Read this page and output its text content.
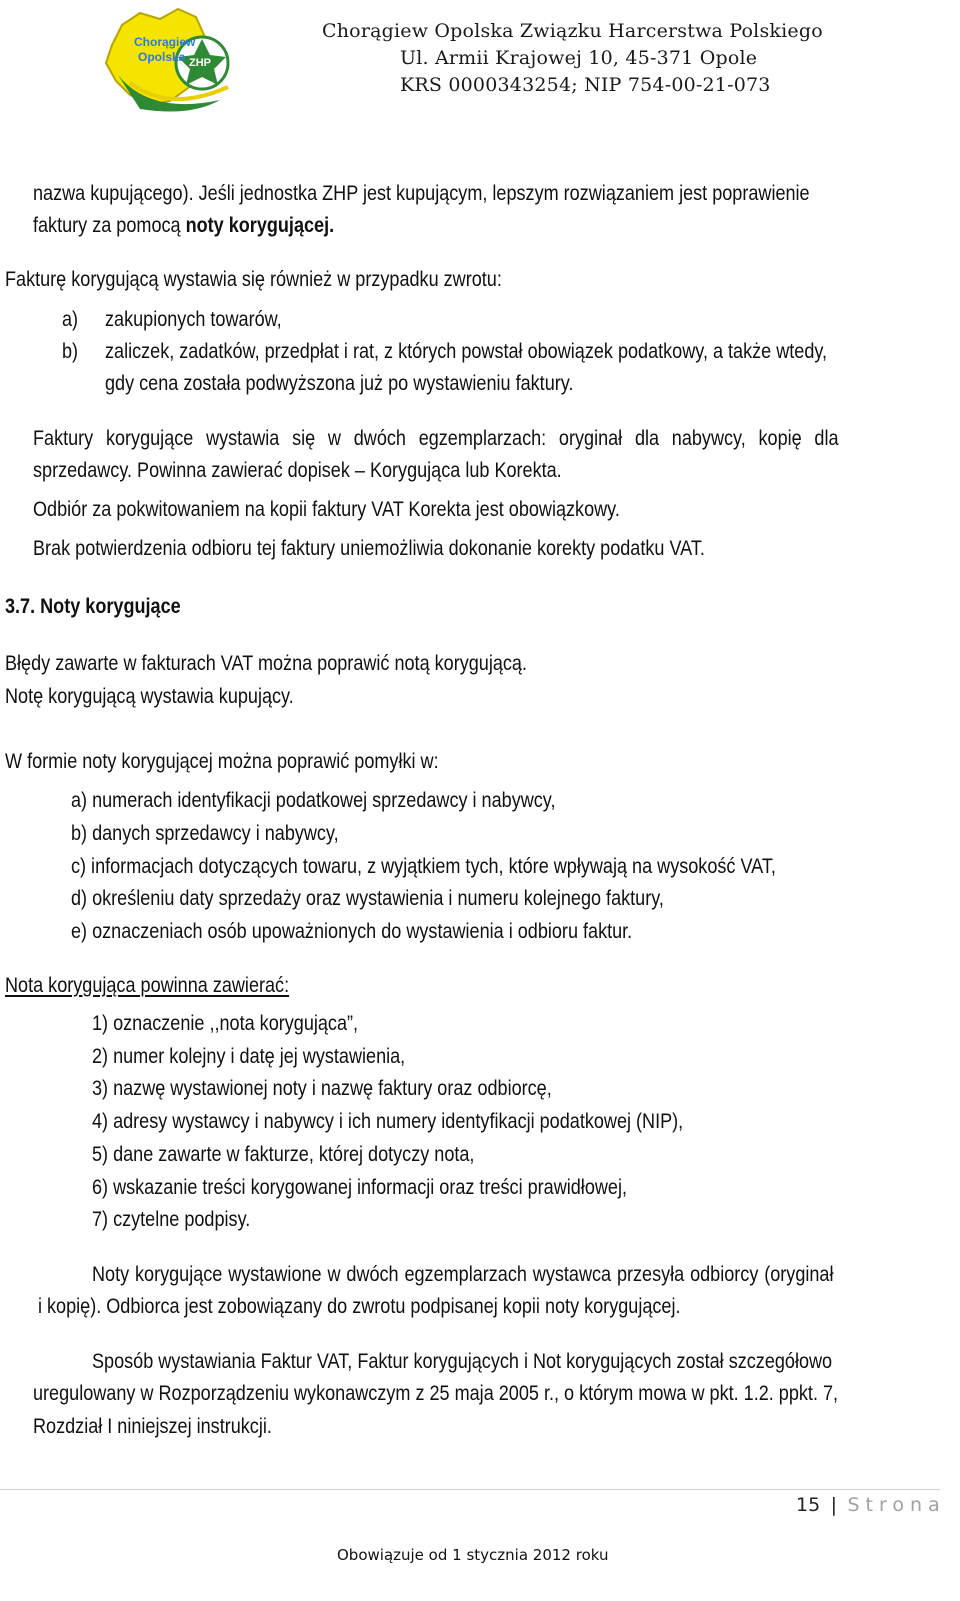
Chorągiew
Opolska ZHP
Chorągiew Opolska Związku Harcerstwa Polskiego
Ul. Armii Krajowej 10, 45-371 Opole
KRS 0000343254; NIP 754-00-21-073
nazwa kupującego). Jeśli jednostka ZHP jest kupującym, lepszym rozwiązaniem jest poprawienie
faktury za pomocą noty korygującej.
Fakturę korygującą wystawia się również w przypadku zwrotu:
a) zakupionych towarów,
b) zaliczek, zadatków, przedpłat i rat, z których powstał obowiązek podatkowy, a także wtedy,
gdy cena została podwyższona już po wystawieniu faktury.
Faktury korygujące wystawia się w dwóch egzemplarzach: oryginał dla nabywcy, kopię dla
sprzedawcy. Powinna zawierać dopisek – Korygująca lub Korekta.
Odbiór za pokwitowaniem na kopii faktury VAT Korekta jest obowiązkowy.
Brak potwierdzenia odbioru tej faktury uniemożliwia dokonanie korekty podatku VAT.
3.7. Noty korygujące
Błędy zawarte w fakturach VAT można poprawić notą korygującą.
Notę korygującą wystawia kupujący.
W formie noty korygującej można poprawić pomyłki w:
a) numerach identyfikacji podatkowej sprzedawcy i nabywcy,
b) danych sprzedawcy i nabywcy,
c) informacjach dotyczących towaru, z wyjątkiem tych, które wpływają na wysokość VAT,
d) określeniu daty sprzedaży oraz wystawienia i numeru kolejnego faktury,
e) oznaczeniach osób upoważnionych do wystawienia i odbioru faktur.
Nota korygująca powinna zawierać:
1) oznaczenie ,,nota korygująca”,
2) numer kolejny i datę jej wystawienia,
3) nazwę wystawionej noty i nazwę faktury oraz odbiorcę,
4) adresy wystawcy i nabywcy i ich numery identyfikacji podatkowej (NIP),
5) dane zawarte w fakturze, której dotyczy nota,
6) wskazanie treści korygowanej informacji oraz treści prawidłowej,
7) czytelne podpisy.
Noty korygujące wystawione w dwóch egzemplarzach wystawca przesyła odbiorcy (oryginał
i kopię). Odbiorca jest zobowiązany do zwrotu podpisanej kopii noty korygującej.
Sposób wystawiania Faktur VAT, Faktur korygujących i Not korygujących został szczegółowo
uregulowany w Rozporządzeniu wykonawczym z 25 maja 2005 r., o którym mowa w pkt. 1.2. ppkt. 7,
Rozdział I niniejszej instrukcji.
15 | Strona
Obowiązuje od 1 stycznia 2012 roku
